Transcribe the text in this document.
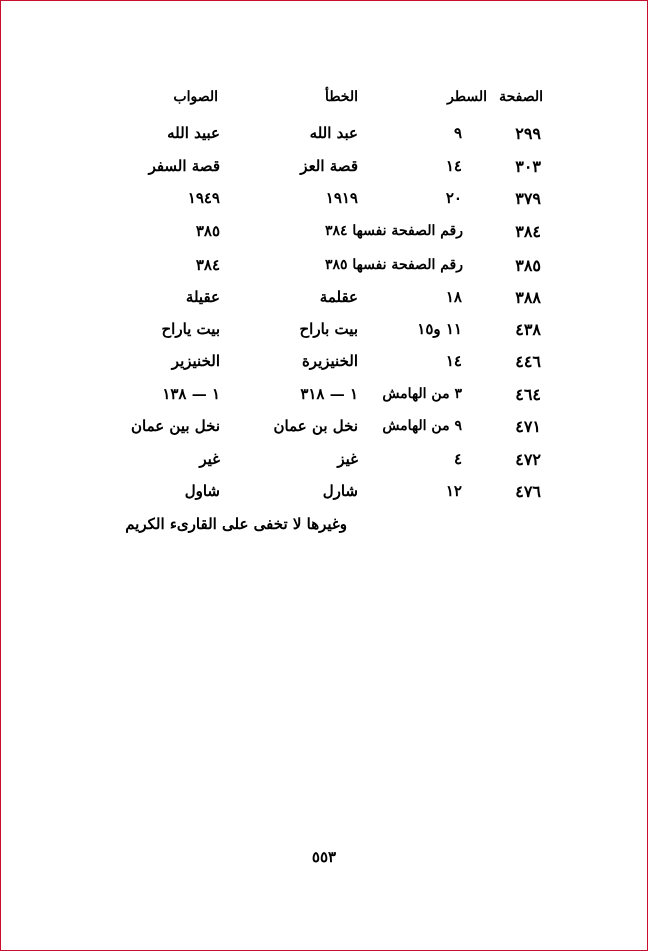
الصفحة
السطر
الخطأ
الصواب
٢٩٩
٩
عبد الله
عبيد الله
٣٠٣
١٤
قصة العز
قصة السفر
٣٧٩
٢٠
١٩١٩
١٩٤٩
٣٨٤
رقم الصفحة نفسها ٣٨٤
٣٨٥
٣٨٥
رقم الصفحة نفسها ٣٨٥
٣٨٤
٣٨٨
١٨
عقلمة
عقيلة
٤٣٨
١١ و١٥
بيت باراح
بيت ياراح
٤٤٦
١٤
الخنيزيرة
الخنيزير
٤٦٤
٣ من الهامش
١ — ٣١٨
١ — ١٣٨
٤٧١
٩ من الهامش
نخل بن عمان
نخل بين عمان
٤٧٢
٤
غيز
غير
٤٧٦
١٢
شارل
شاول
وغيرها لا تخفى على القارىء الكريم
٥٥٣
